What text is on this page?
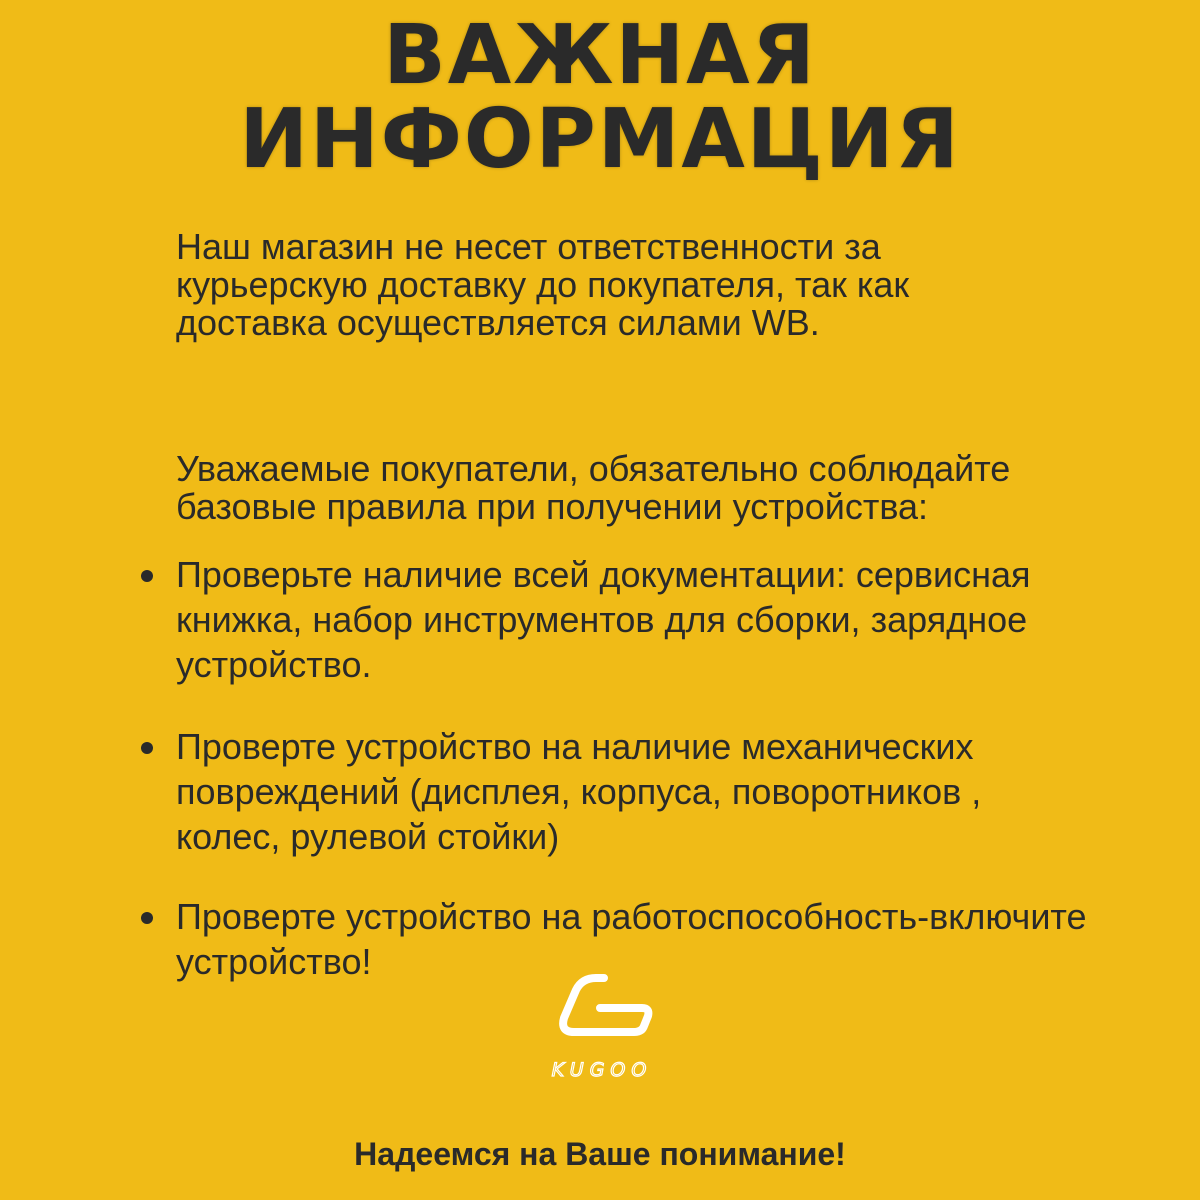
ВАЖНАЯ
ИНФОРМАЦИЯ

Наш магазин не несет ответственности за
курьерскую доставку до покупателя, так как
доставка осуществляется силами WB.

Уважаемые покупатели, обязательно соблюдайте
базовые правила при получении устройства:

Проверьте наличие всей документации: сервисная
книжка, набор инструментов для сборки, зарядное
устройство.
Проверте устройство на наличие механических
повреждений (дисплея, корпуса, поворотников ,
колес, рулевой стойки)
Проверте устройство на работоспособность-включите
устройство!
KUGOO

Надеемся на Ваше понимание!
